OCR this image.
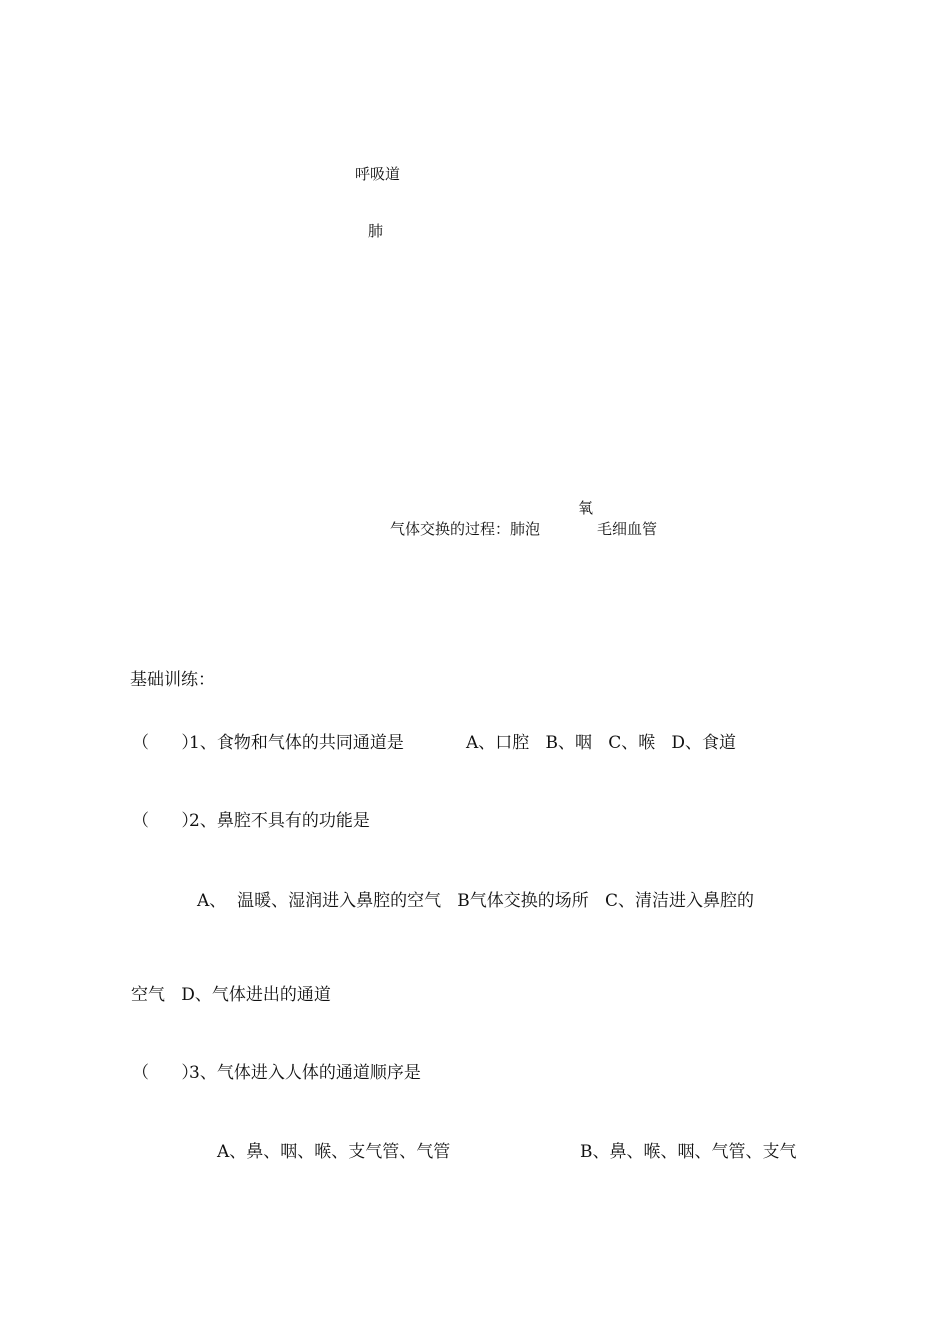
呼吸道
肺
氧
气体交换的过程：肺泡	毛细血管
基础训练：
（      ）
1、食物和气体的共同通道是	A、口腔   B、咽   C、喉   D、食道
（      ）
2、鼻腔不具有的功能是
A、  温暖、湿润进入鼻腔的空气   B气体交换的场所   C、清洁进入鼻腔的
空气   D、气体进出的通道
（      ）
3、气体进入人体的通道顺序是
A、鼻、咽、喉、支气管、气管	B、鼻、喉、咽、气管、支气
